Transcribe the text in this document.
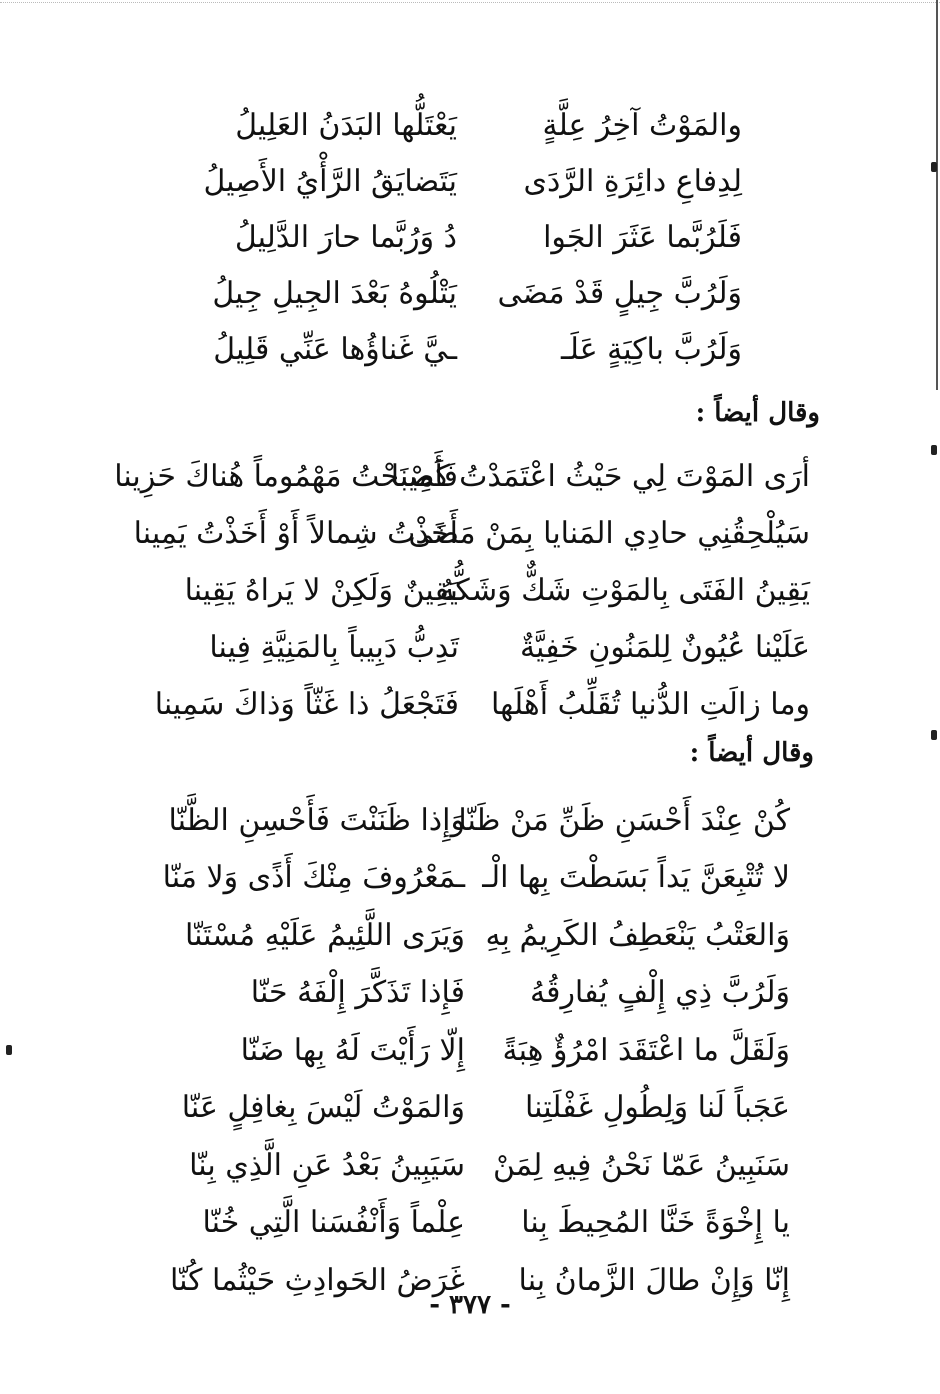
والمَوْتُ آخِرُ عِلَّةٍ
يَعْتَلُّها البَدَنُ العَلِيلُ
لِدِفاعِ دائِرَةِ الرَّدَى
يَتَضايَقُ الرَّأْيُ الأَصِيلُ
فَلَرُبَّما عَثَرَ الجَوا
دُ وَرُبَّما حارَ الدَّلِيلُ
وَلَرُبَّ جِيلٍ قَدْ مَضَى
يَتْلُوهُ بَعْدَ الجِيلِ جِيلُ
وَلَرُبَّ باكِيَةٍ عَلَـ
ـيَّ غَناؤُها عَنِّي قَلِيلُ
وقال أيضاً :
أرَى المَوْتَ لِي حَيْثُ اعْتَمَدْتُ كَمِينا
فَأَصْبَحْتُ مَهْمُوماً هُناكَ حَزِينا
سَيُلْحِقُنِي حادِي المَنايا بِمَنْ مَضَى
أَخَذْتُ شِمالاً أَوْ أَخَذْتُ يَمِينا
يَقِينُ الفَتَى بِالمَوْتِ شَكٌّ وَشَكُّهُ
يَقِينٌ وَلَكِنْ لا يَراهُ يَقِينا
عَلَيْنا عُيُونٌ لِلمَنُونِ خَفِيَّةٌ
تَدِبُّ دَبِيباً بِالمَنِيَّةِ فِينا
وما زالَتِ الدُّنيا تُقَلِّبُ أَهْلَها
فَتَجْعَلُ ذا غَثّاً وَذاكَ سَمِينا
وقال أيضاً :
كُنْ عِنْدَ أَحْسَنِ ظَنِّ مَنْ ظَنّا
وَإِذا ظَنَنْتَ فَأَحْسِنِ الظَّنّا
لا تُتْبِعَنَّ يَداً بَسَطْتَ بِها الْـ
ـمَعْرُوفَ مِنْكَ أَذًى وَلا مَنّا
وَالعَتْبُ يَنْعَطِفُ الكَرِيمُ بِهِ
وَيَرَى اللَّئِيمُ عَلَيْهِ مُسْتَنّا
وَلَرُبَّ ذِي إِلْفٍ يُفارِقُهُ
فَإِذا تَذَكَّرَ إِلْفَهُ حَنّا
وَلَقَلَّ ما اعْتَقَدَ امْرُؤٌ هِبَةً
إِلّا رَأَيْتَ لَهُ بِها ضَنّا
عَجَباً لَنا وَلِطُولِ غَفْلَتِنا
وَالمَوْتُ لَيْسَ بِغافِلٍ عَنّا
سَنَبِينُ عَمّا نَحْنُ فِيهِ لِمَنْ
سَيَبِينُ بَعْدُ عَنِ الَّذِي بِنّا
يا إِخْوَةً خَنَّا المُحِيطَ بِنا
عِلْماً وَأَنْفُسَنا الَّتِي خُنّا
إِنّا وَإِنْ طالَ الزَّمانُ بِنا
غَرَضُ الحَوادِثِ حَيْثُما كُنّا
- ٣٧٧ -
